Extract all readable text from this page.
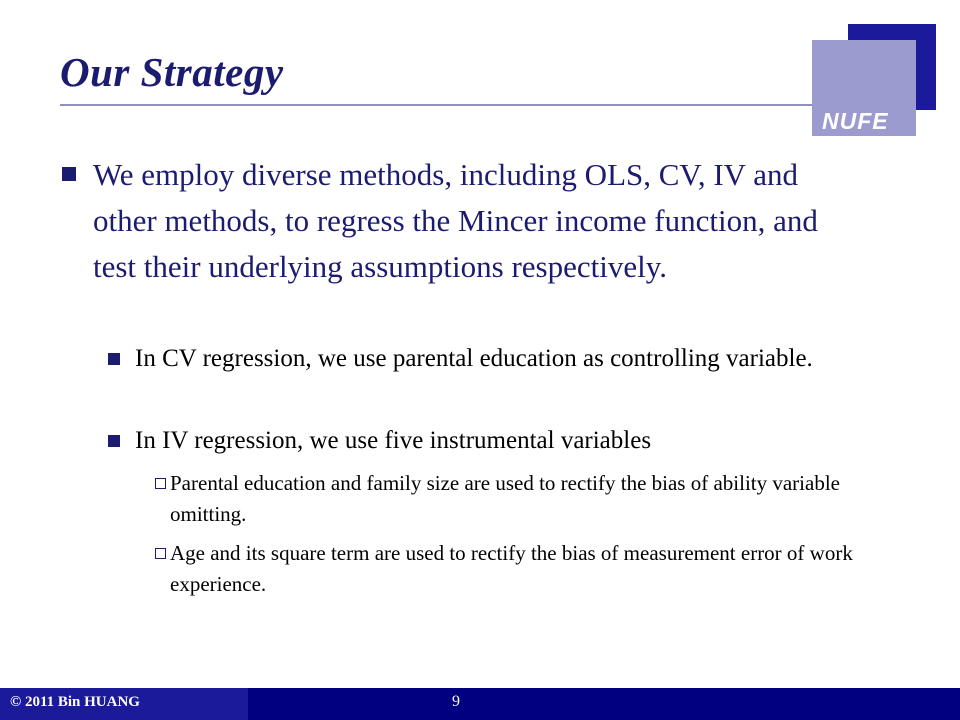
Our Strategy
NUFE
We employ diverse methods, including OLS, CV, IV and other methods, to regress the Mincer income function, and test their underlying assumptions respectively.
In CV regression, we use parental education as controlling variable.
In IV regression, we use five instrumental variables
Parental education and family size are used to rectify the bias of ability variable omitting.
Age and its square term are used to rectify the bias of measurement error of work experience.
© 2011 Bin HUANG	9
